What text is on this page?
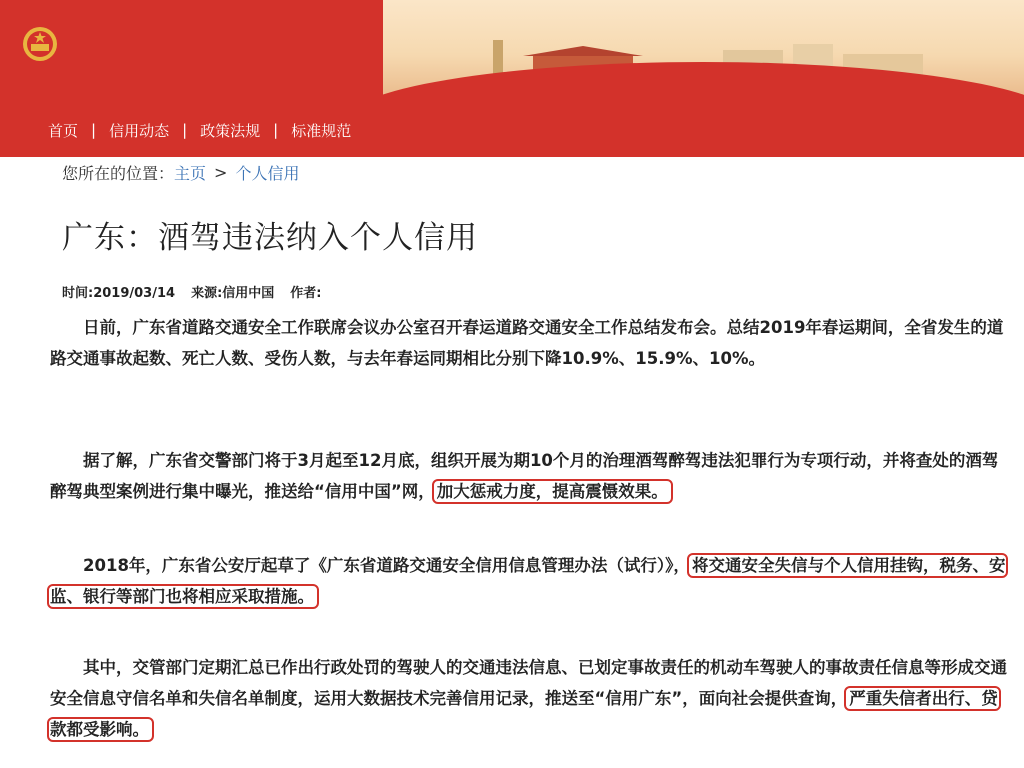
首页 | 信用动态 | 政策法规 | 标准规范
您所在的位置： 主页 > 个人信用
广东：酒驾违法纳入个人信用
时间:2019/03/14 来源:信用中国 作者:

日前，广东省道路交通安全工作联席会议办公室召开春运道路交通安全工作总结发布会。总结2019年春运期间，全省发生的道路交通事故起数、死亡人数、受伤人数，与去年春运同期相比分别下降10.9%、15.9%、10%。

据了解，广东省交警部门将于3月起至12月底，组织开展为期10个月的治理酒驾醉驾违法犯罪行为专项行动，并将查处的酒驾醉驾典型案例进行集中曝光，推送给“信用中国”网， 加大惩戒力度，提高震慑效果。

2018年，广东省公安厅起草了《广东省道路交通安全信用信息管理办法（试行）》， 将交通安全失信与个人信用挂钩，税务、安监、银行等部门也将相应采取措施。

其中，交管部门定期汇总已作出行政处罚的驾驶人的交通违法信息、已划定事故责任的机动车驾驶人的事故责任信息等形成交通安全信息守信名单和失信名单制度，运用大数据技术完善信用记录，推送至“信用广东”，面向社会提供查询， 严重失信者出行、贷款都受影响。
